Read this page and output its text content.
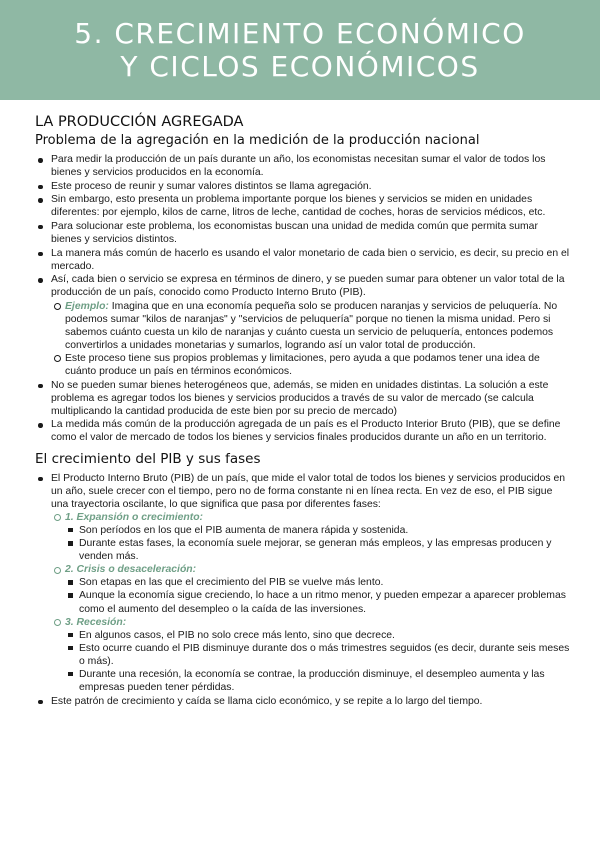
5. CRECIMIENTO ECONÓMICO
Y CICLOS ECONÓMICOS
LA PRODUCCIÓN AGREGADA
Problema de la agregación en la medición de la producción nacional
Para medir la producción de un país durante un año, los economistas necesitan sumar el valor de todos los bienes y servicios producidos en la economía.
Este proceso de reunir y sumar valores distintos se llama agregación.
Sin embargo, esto presenta un problema importante porque los bienes y servicios se miden en unidades diferentes: por ejemplo, kilos de carne, litros de leche, cantidad de coches, horas de servicios médicos, etc.
Para solucionar este problema, los economistas buscan una unidad de medida común que permita sumar bienes y servicios distintos.
La manera más común de hacerlo es usando el valor monetario de cada bien o servicio, es decir, su precio en el mercado.
Así, cada bien o servicio se expresa en términos de dinero, y se pueden sumar para obtener un valor total de la producción de un país, conocido como Producto Interno Bruto (PIB).
Ejemplo: Imagina que en una economía pequeña solo se producen naranjas y servicios de peluquería. No podemos sumar "kilos de naranjas" y "servicios de peluquería" porque no tienen la misma unidad. Pero si sabemos cuánto cuesta un kilo de naranjas y cuánto cuesta un servicio de peluquería, entonces podemos convertirlos a unidades monetarias y sumarlos, logrando así un valor total de producción.
Este proceso tiene sus propios problemas y limitaciones, pero ayuda a que podamos tener una idea de cuánto produce un país en términos económicos.
No se pueden sumar bienes heterogéneos que, además, se miden en unidades distintas. La solución a este problema es agregar todos los bienes y servicios producidos a través de su valor de mercado (se calcula multiplicando la cantidad producida de este bien por su precio de mercado)
La medida más común de la producción agregada de un país es el Producto Interior Bruto (PIB), que se define como el valor de mercado de todos los bienes y servicios finales producidos durante un año en un territorio.
El crecimiento del PIB y sus fases
El Producto Interno Bruto (PIB) de un país, que mide el valor total de todos los bienes y servicios producidos en un año, suele crecer con el tiempo, pero no de forma constante ni en línea recta. En vez de eso, el PIB sigue una trayectoria oscilante, lo que significa que pasa por diferentes fases:
1. Expansión o crecimiento:
Son períodos en los que el PIB aumenta de manera rápida y sostenida.
Durante estas fases, la economía suele mejorar, se generan más empleos, y las empresas producen y venden más.
2. Crisis o desaceleración:
Son etapas en las que el crecimiento del PIB se vuelve más lento.
Aunque la economía sigue creciendo, lo hace a un ritmo menor, y pueden empezar a aparecer problemas como el aumento del desempleo o la caída de las inversiones.
3. Recesión:
En algunos casos, el PIB no solo crece más lento, sino que decrece.
Esto ocurre cuando el PIB disminuye durante dos o más trimestres seguidos (es decir, durante seis meses o más).
Durante una recesión, la economía se contrae, la producción disminuye, el desempleo aumenta y las empresas pueden tener pérdidas.
Este patrón de crecimiento y caída se llama ciclo económico, y se repite a lo largo del tiempo.
